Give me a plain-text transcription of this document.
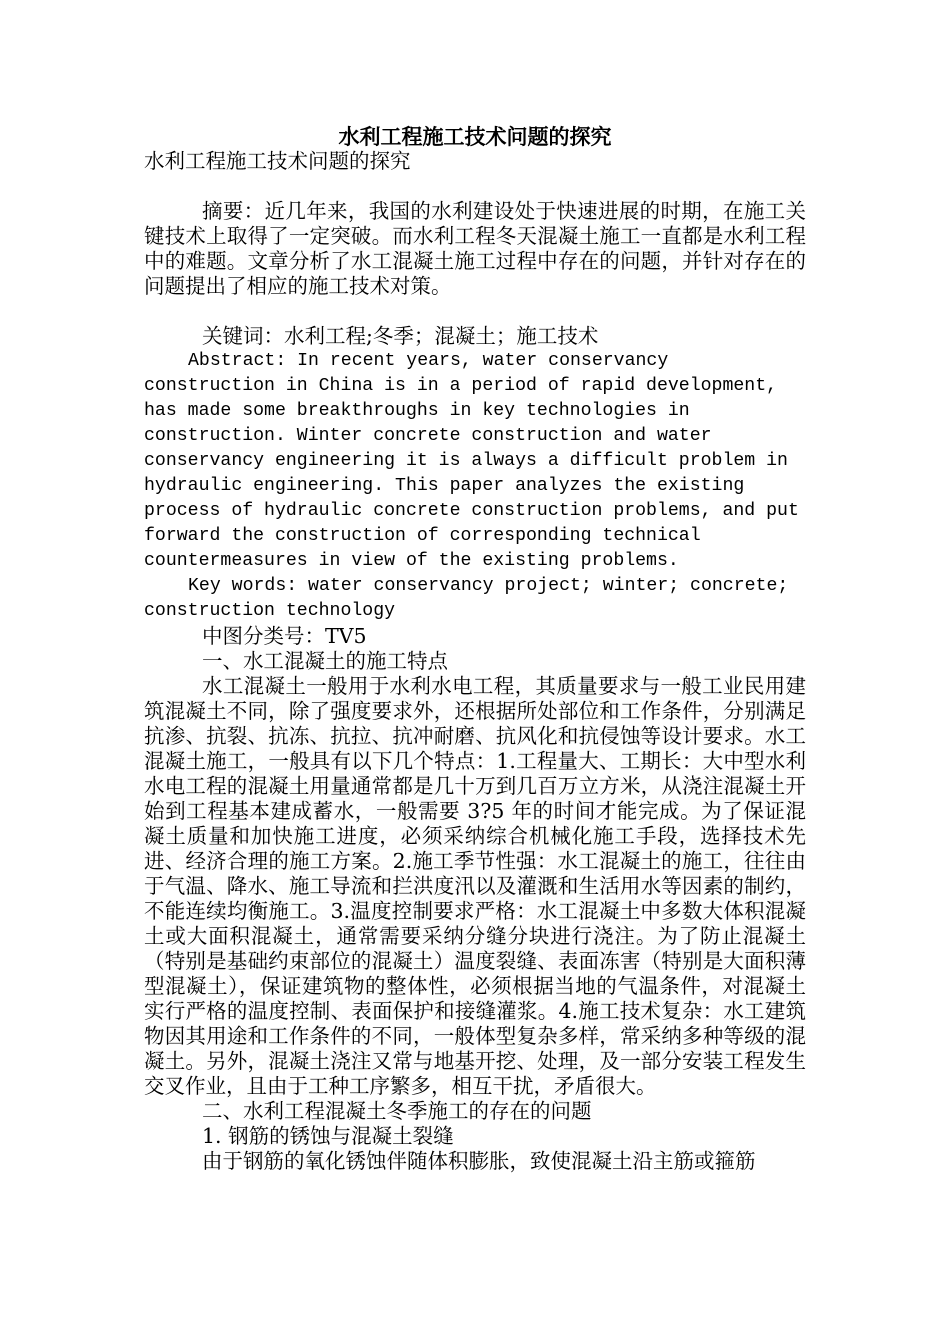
水利工程施工技术问题的探究

水利工程施工技术问题的探究

摘要：近几年来，我国的水利建设处于快速进展的时期，在施工关键技术上取得了一定突破。而水利工程冬天混凝土施工一直都是水利工程中的难题。文章分析了水工混凝土施工过程中存在的问题，并针对存在的问题提出了相应的施工技术对策。

关键词：水利工程;冬季；混凝土；施工技术

Abstract: In recent years, water conservancy construction in China is in a period of rapid development, has made some breakthroughs in key technologies in construction. Winter concrete construction and water conservancy engineering it is always a difficult problem in hydraulic engineering. This paper analyzes the existing process of hydraulic concrete construction problems, and put forward the construction of corresponding technical countermeasures in view of the existing problems.

Key words: water conservancy project; winter; concrete; construction technology

中图分类号：TV5

一、水工混凝土的施工特点

水工混凝土一般用于水利水电工程，其质量要求与一般工业民用建筑混凝土不同，除了强度要求外，还根据所处部位和工作条件，分别满足抗渗、抗裂、抗冻、抗拉、抗冲耐磨、抗风化和抗侵蚀等设计要求。水工混凝土施工，一般具有以下几个特点：1.工程量大、工期长：大中型水利水电工程的混凝土用量通常都是几十万到几百万立方米，从浇注混凝土开始到工程基本建成蓄水，一般需要 3?5 年的时间才能完成。为了保证混凝土质量和加快施工进度，必须采纳综合机械化施工手段，选择技术先进、经济合理的施工方案。2.施工季节性强：水工混凝土的施工，往往由于气温、降水、施工导流和拦洪度汛以及灌溉和生活用水等因素的制约，不能连续均衡施工。3.温度控制要求严格：水工混凝土中多数大体积混凝土或大面积混凝土，通常需要采纳分缝分块进行浇注。为了防止混凝土（特别是基础约束部位的混凝土）温度裂缝、表面冻害（特别是大面积薄型混凝土），保证建筑物的整体性，必须根据当地的气温条件，对混凝土实行严格的温度控制、表面保护和接缝灌浆。4.施工技术复杂：水工建筑物因其用途和工作条件的不同，一般体型复杂多样，常采纳多种等级的混凝土。另外，混凝土浇注又常与地基开挖、处理，及一部分安装工程发生交叉作业，且由于工种工序繁多，相互干扰，矛盾很大。

二、水利工程混凝土冬季施工的存在的问题

1. 钢筋的锈蚀与混凝土裂缝

由于钢筋的氧化锈蚀伴随体积膨胀，致使混凝土沿主筋或箍筋
